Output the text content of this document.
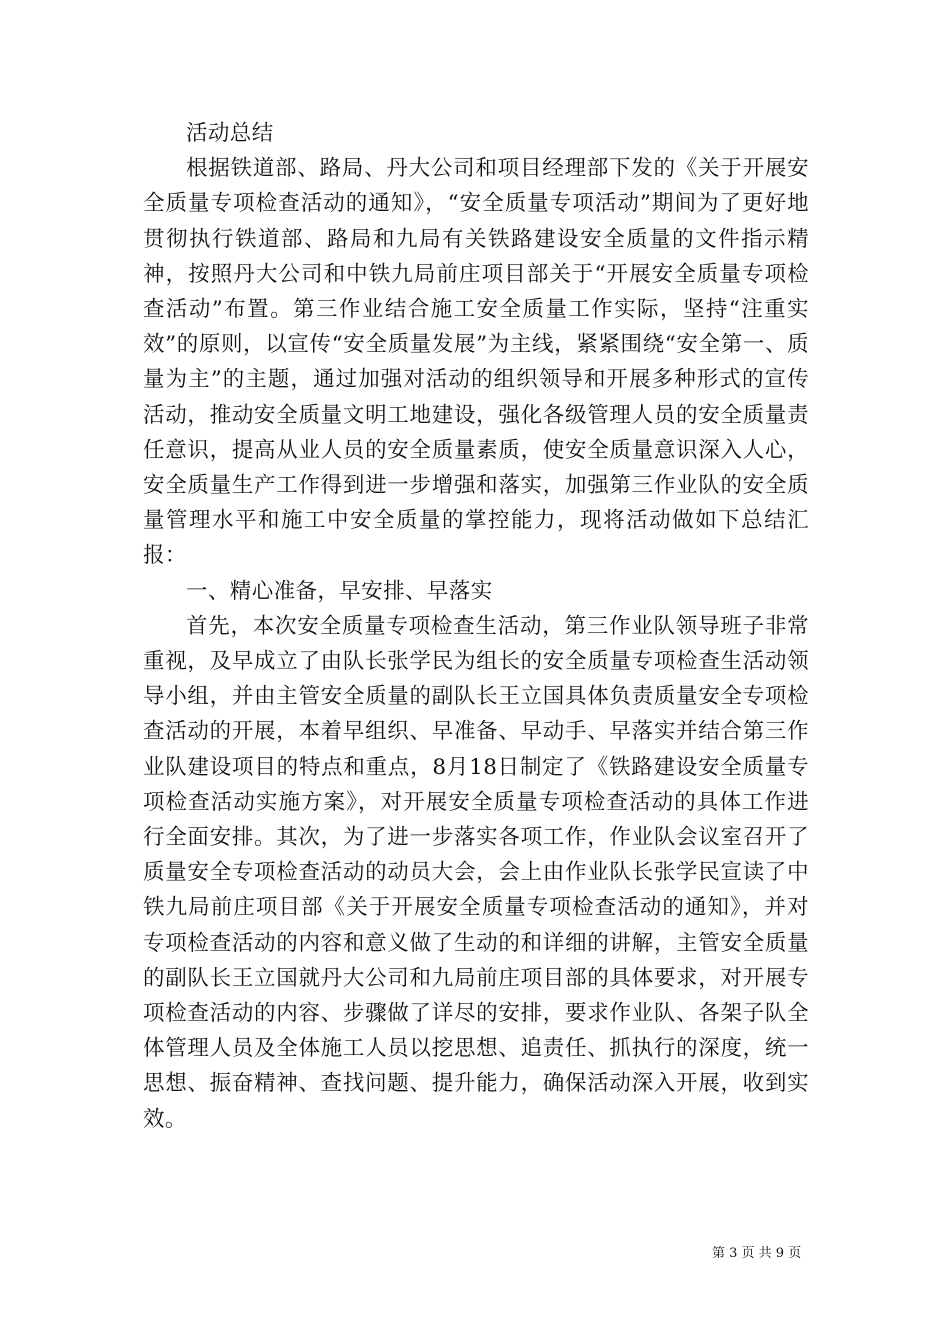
活动总结

根据铁道部、路局、丹大公司和项目经理部下发的《关于开展安全质量专项检查活动的通知》，“安全质量专项活动”期间为了更好地贯彻执行铁道部、路局和九局有关铁路建设安全质量的文件指示精神，按照丹大公司和中铁九局前庄项目部关于“开展安全质量专项检查活动”布置。第三作业结合施工安全质量工作实际，坚持“注重实效”的原则，以宣传“安全质量发展”为主线，紧紧围绕“安全第一、质量为主”的主题，通过加强对活动的组织领导和开展多种形式的宣传活动，推动安全质量文明工地建设，强化各级管理人员的安全质量责任意识，提高从业人员的安全质量素质，使安全质量意识深入人心，安全质量生产工作得到进一步增强和落实，加强第三作业队的安全质量管理水平和施工中安全质量的掌控能力，现将活动做如下总结汇报：

一、精心准备，早安排、早落实

首先，本次安全质量专项检查生活动，第三作业队领导班子非常重视，及早成立了由队长张学民为组长的安全质量专项检查生活动领导小组，并由主管安全质量的副队长王立国具体负责质量安全专项检查活动的开展，本着早组织、早准备、早动手、早落实并结合第三作业队建设项目的特点和重点，8月18日制定了《铁路建设安全质量专项检查活动实施方案》，对开展安全质量专项检查活动的具体工作进行全面安排。其次，为了进一步落实各项工作，作业队会议室召开了质量安全专项检查活动的动员大会，会上由作业队长张学民宣读了中铁九局前庄项目部《关于开展安全质量专项检查活动的通知》，并对专项检查活动的内容和意义做了生动的和详细的讲解，主管安全质量的副队长王立国就丹大公司和九局前庄项目部的具体要求，对开展专项检查活动的内容、步骤做了详尽的安排，要求作业队、各架子队全体管理人员及全体施工人员以挖思想、追责任、抓执行的深度，统一思想、振奋精神、查找问题、提升能力，确保活动深入开展，收到实效。

第 3 页 共 9 页
